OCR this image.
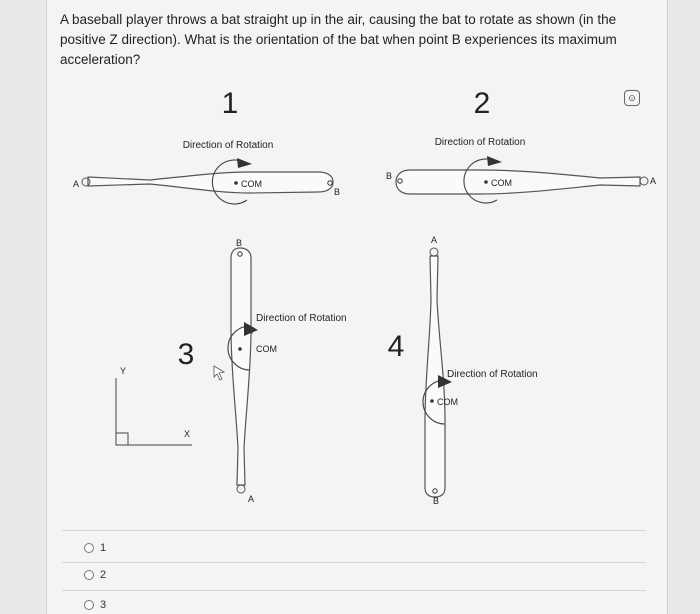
A baseball player throws a bat straight up in the air, causing the bat to rotate as shown (in the positive Z direction). What is the orientation of the bat when point B experiences its maximum acceleration?
1	2
Direction of Rotation
A
B
COM
Direction of Rotation
A
B
COM
3
Y
X
A
B
Direction of Rotation
COM	4
A
B
Direction of Rotation
COM
⊙
1
2
3
